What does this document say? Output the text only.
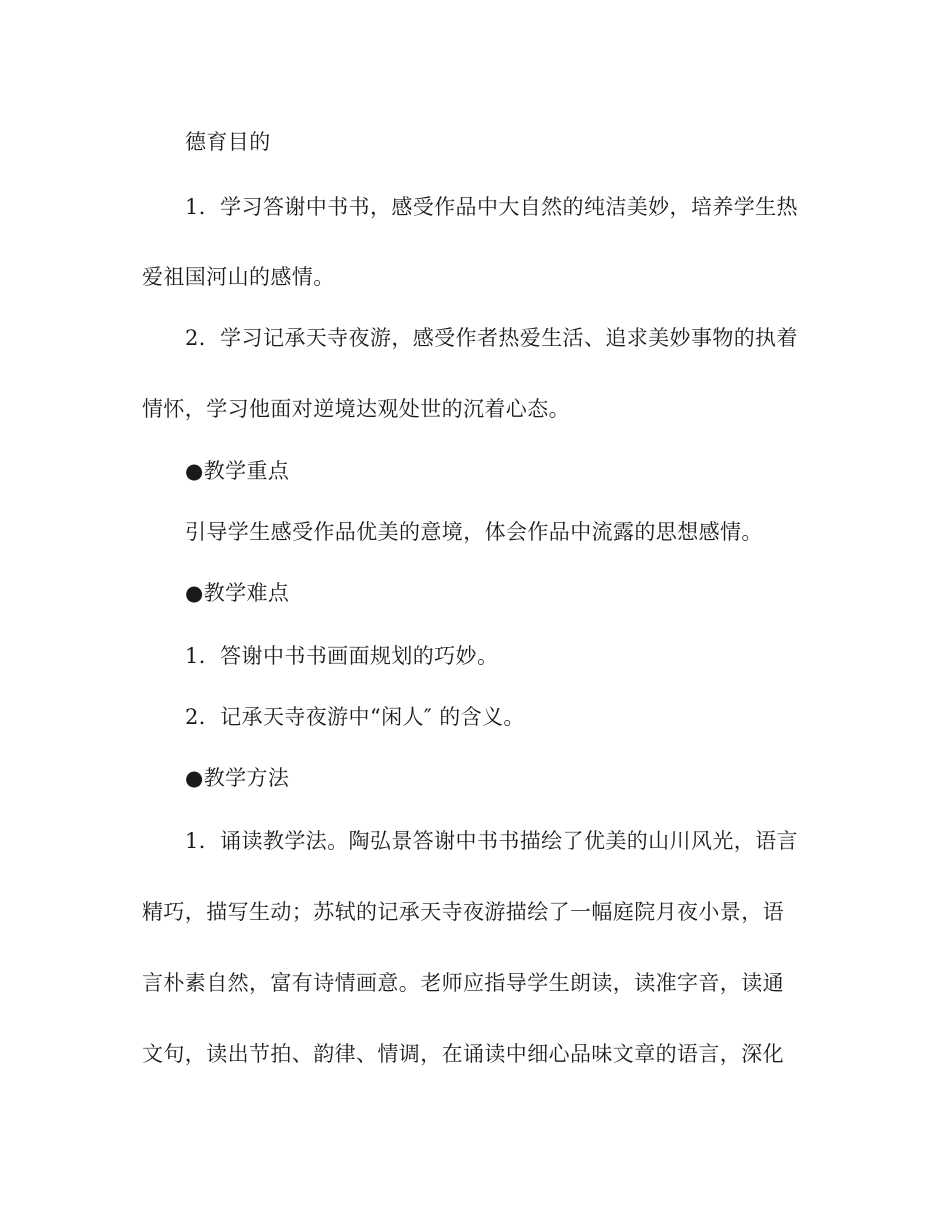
德育目的

1．学习答谢中书书，感受作品中大自然的纯洁美妙，培养学生热

爱祖国河山的感情。

2．学习记承天寺夜游，感受作者热爱生活、追求美妙事物的执着

情怀，学习他面对逆境达观处世的沉着心态。

●教学重点

引导学生感受作品优美的意境，体会作品中流露的思想感情。

●教学难点

1．答谢中书书画面规划的巧妙。

2．记承天寺夜游中“闲人″ 的含义。

●教学方法

1．诵读教学法。陶弘景答谢中书书描绘了优美的山川风光，语言

精巧，描写生动；苏轼的记承天寺夜游描绘了一幅庭院月夜小景，语

言朴素自然，富有诗情画意。老师应指导学生朗读，读准字音，读通

文句，读出节拍、韵律、情调，在诵读中细心品味文章的语言，深化
